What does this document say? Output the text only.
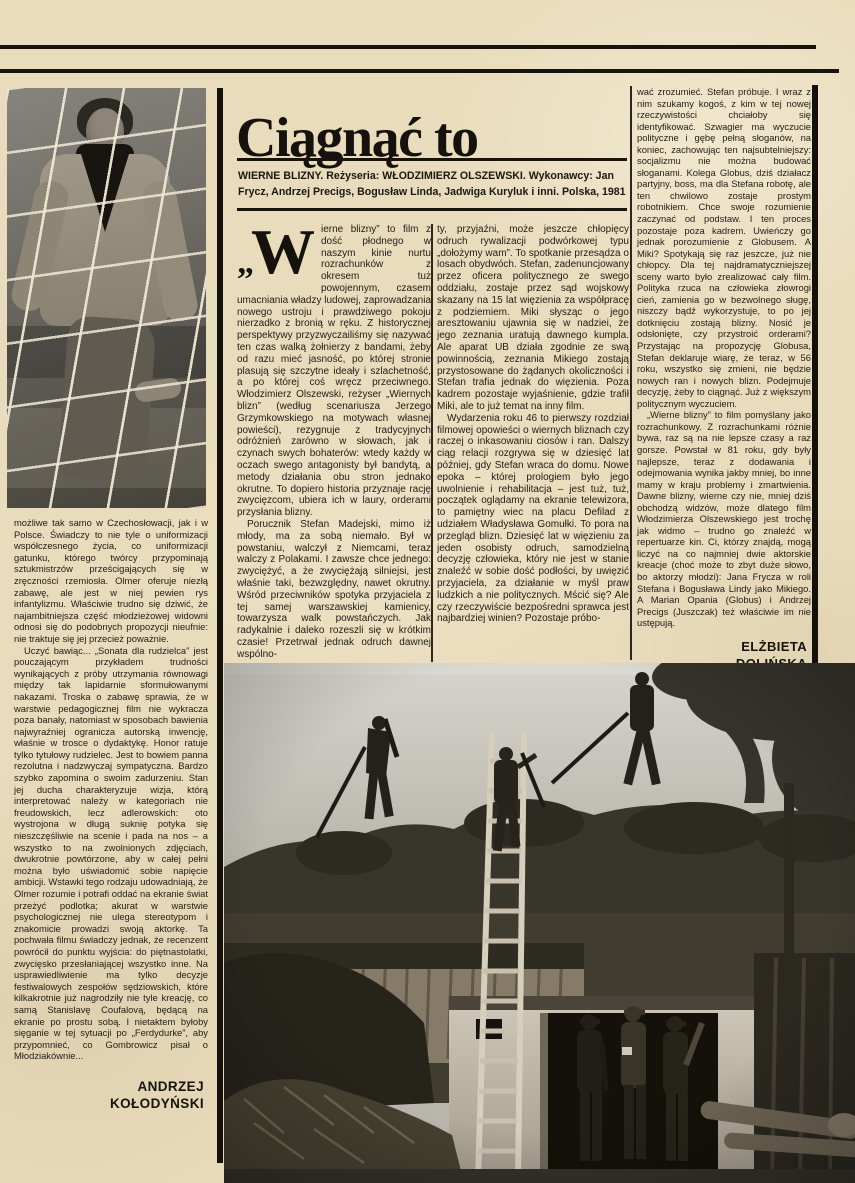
Ciągnąć to
WIERNE BLIZNY. Reżyseria: WŁODZIMIERZ OLSZEWSKI. Wykonawcy: Jan Frycz, Andrzej Precigs, Bogusław Linda, Jadwiga Kuryluk i inni. Polska, 1981

„W ierne blizny” to film z dość płodnego w naszym kinie nurtu rozrachunków z okresem tuż powojennym, czasem umacniania władzy ludowej, zaprowadzania nowego ustroju i prawdziwego pokoju nierzadko z bronią w ręku. Z historycznej perspektywy przyzwyczailiśmy się nazywać ten czas walką żołnierzy z bandami, żeby od razu mieć jasność, po której stronie plasują się szczytne ideały i szlachetność, a po której coś wręcz przeciwnego. Włodzimierz Olszewski, reżyser „Wiernych blizn” (według scenariusza Jerzego Grzymkowskiego na motywach własnej powieści), rezygnuje z tradycyjnych odróżnień zarówno w słowach, jak i czynach swych bohaterów: wtedy każdy w oczach swego antagonisty był bandytą, a metody działania obu stron jednako okrutne. To dopiero historia przyznaje rację zwycięzcom, ubiera ich w laury, orderami przysłania blizny.

Porucznik Stefan Madejski, mimo iż młody, ma za sobą niemało. Był w powstaniu, walczył z Niemcami, teraz walczy z Polakami. I zawsze chce jednego: zwyciężyć, a że zwyciężają silniejsi, jest właśnie taki, bezwzględny, nawet okrutny. Wśród przeciwników spotyka przyjaciela z tej samej warszawskiej kamienicy, towarzysza walk powstańczych. Jak radykalnie i daleko rozeszli się w krótkim czasie! Przetrwał jednak odruch dawnej wspólno-

ty, przyjaźni, może jeszcze chłopięcy odruch rywalizacji podwórkowej typu „dołożymy wam”. To spotkanie przesądza o losach obydwóch. Stefan, zadenuncjowany przez oficera politycznego ze swego oddziału, zostaje przez sąd wojskowy skazany na 15 lat więzienia za współpracę z podziemiem. Miki słysząc o jego aresztowaniu ujawnia się w nadziei, że jego zeznania uratują dawnego kumpla. Ale aparat UB działa zgodnie ze swą powinnością, zeznania Mikiego zostają przystosowane do żądanych okoliczności i Stefan trafia jednak do więzienia. Poza kadrem pozostaje wyjaśnienie, gdzie trafił Miki, ale to już temat na inny film.

Wydarzenia roku 46 to pierwszy rozdział filmowej opowieści o wiernych bliznach czy raczej o inkasowaniu ciosów i ran. Dalszy ciąg relacji rozgrywa się w dziesięć lat później, gdy Stefan wraca do domu. Nowe epoka – której prologiem było jego uwolnienie i rehabilitacja – jest tuż, tuż, początek oglądamy na ekranie telewizora, to pamiętny wiec na placu Defilad z udziałem Władysława Gomułki. To pora na przegląd blizn. Dziesięć lat w więzieniu za jeden osobisty odruch, samodzielną decyzję człowieka, który nie jest w stanie znaleźć w sobie dość podłości, by uwięzić przyjaciela, za działanie w myśl praw ludzkich a nie politycznych. Mścić się? Ale czy rzeczywiście bezpośredni sprawca jest najbardziej winien? Pozostaje próbo-

wać zrozumieć. Stefan próbuje. I wraz z nim szukamy kogoś, z kim w tej nowej rzeczywistości chciałoby się identyfikować. Szwagier ma wyczucie polityczne i gębę pełną słoganów, na koniec, zachowując ten najsubtelniejszy: socjalizmu nie można budować słoganami. Kolega Globus, dziś działacz partyjny, boss, ma dla Stefana robotę, ale ten chwilowo zostaje prostym robotnikiem. Chce swoje rozumienie zaczynać od podstaw. I ten proces pozostaje poza kadrem. Uwieńczy go jednak porozumienie z Globusem. A Miki? Spotykają się raz jeszcze, już nie chłopcy. Dla tej najdramatyczniejszej sceny warto było zrealizować cały film. Polityka rzuca na człowieka złowrogi cień, zamienia go w bezwolnego sługę, niszczy bądź wykorzystuje, to po jej dotknięciu zostają blizny. Nosić je odsłonięte, czy przystroić orderami? Przystając na propozycję Globusa, Stefan deklaruje wiarę, że teraz, w 56 roku, wszystko się zmieni, nie będzie nowych ran i nowych blizn. Podejmuje decyzję, żeby to ciągnąć. Już z większym politycznym wyczuciem.

„Wierne blizny” to film pomyślany jako rozrachunkowy. Z rozrachunkami różnie bywa, raz są na nie lepsze czasy a raz gorsze. Powstał w 81 roku, gdy były najlepsze, teraz z dodawania i odejmowania wynika jakby mniej, bo inne mamy w kraju problemy i zmartwienia. Dawne blizny, wierne czy nie, mniej dziś obchodzą widzów, może dlatego film Włodzimierza Olszewskiego jest trochę jak widmo – trudno go znaleźć w repertuarze kin. Ci, którzy znajdą, mogą liczyć na co najmniej dwie aktorskie kreacje (choć może to zbyt duże słowo, bo aktorzy młodzi): Jana Frycza w roli Stefana i Bogusława Lindy jako Mikiego. A Marian Opania (Globus) i Andrzej Precigs (Juszczak) też właściwie im nie ustępują.

ELŻBIETA

możliwe tak samo w Czechosłowacji, jak i w Polsce. Świadczy to nie tyle o uniformizacji współczesnego życia, co uniformizacji gatunku, którego twórcy przypominają sztukmistrzów prześcigających się w zręczności rzemiosła. Olmer oferuje niezłą zabawę, ale jest w niej pewien rys infantylizmu. Właściwie trudno się dziwić, że najambitniejsza część młodzieżowej widowni odnosi się do podobnych propozycji nieufnie: nie traktuje się jej przecież poważnie.

Uczyć bawiąc... „Sonata dla rudzielca” jest pouczającym przykładem trudności wynikających z próby utrzymania równowagi między tak lapidarnie sformułowanymi nakazami. Troska o zabawę sprawia, że w warstwie pedagogicznej film nie wykracza poza banały, natomiast w sposobach bawienia najwyraźniej ogranicza autorską inwencję, właśnie w trosce o dydaktykę. Honor ratuje tylko tytułowy rudzielec. Jest to bowiem panna rezolutna i nadzwyczaj sympatyczna. Bardzo szybko zapomina o swoim zadurzeniu. Stan jej ducha charakteryzuje wizja, którą interpretować należy w kategoriach nie freudowskich, lecz adlerowskich: oto wystrojona w długą suknię potyka się nieszczęśliwie na scenie i pada na nos – a wszystko to na zwolnionych zdjęciach, dwukrotnie powtórzone, aby w całej pełni można było uświadomić sobie napięcie ambicji. Wstawki tego rodzaju udowadniają, że Olmer rozumie i potrafi oddać na ekranie świat przeżyć podlotka; akurat w warstwie psychologicznej nie ulega stereotypom i znakomicie prowadzi swoją aktorkę. Ta pochwała filmu świadczy jednak, że recenzent powrócił do punktu wyjścia: do piętnastolatki, zwycięsko przesłaniającej wszystko inne. Na usprawiedliwienie ma tylko decyzje festiwalowych zespołów sędziowskich, które kilkakrotnie już nagrodziły nie tyle kreację, co samą Stanislavę Coufalovą, będącą na ekranie po prostu sobą. I nietaktem byłoby sięganie w tej sytuacji po „Ferdydurke”, aby przypomnieć, co Gombrowicz pisał o Młodziakównie...

ANDRZEJ
KOŁODYŃSKI
